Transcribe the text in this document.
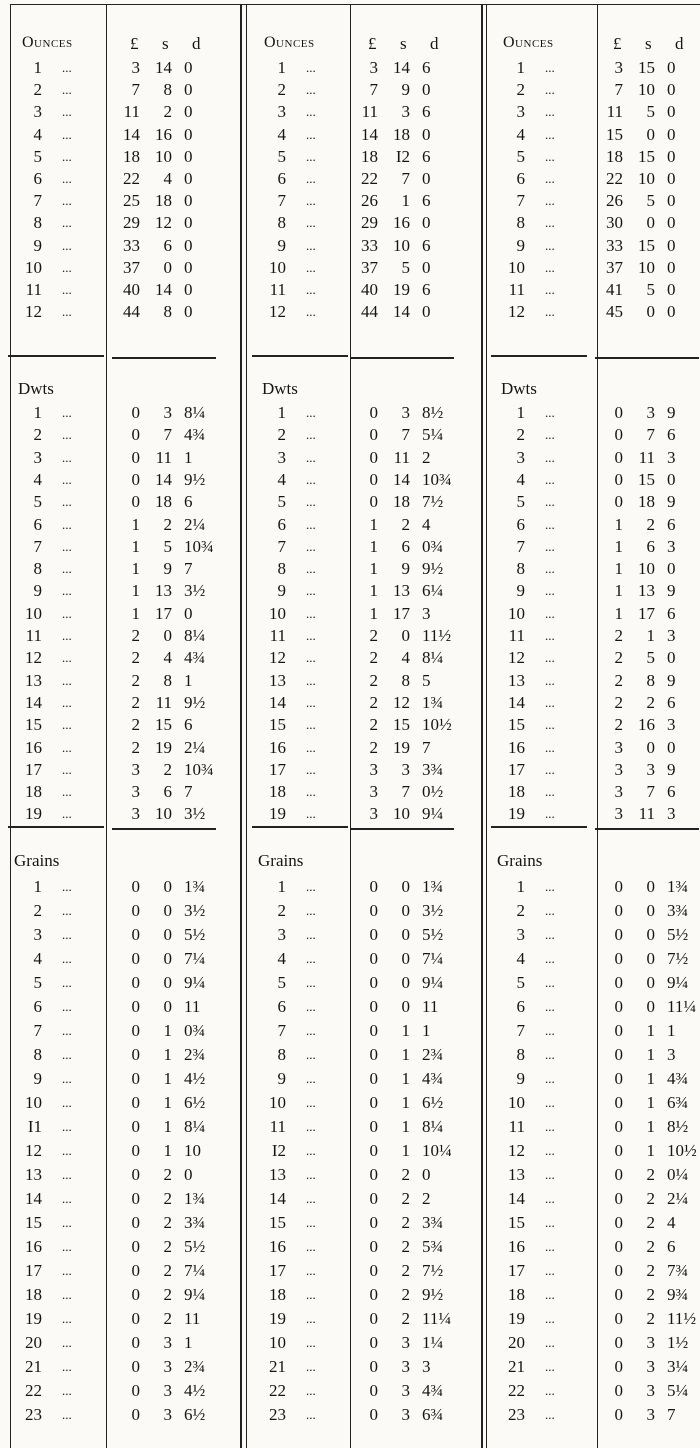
Ounces	£ s d
1 ...	3 14 0
2 ...	7	8 0
3 ...	11	2 0
4 ...	14 16 0
5 ...	18 10 0
6 ...	22	4 0
7 ...	25 18 0
8 ...	29 12 0
9 ...	33	6 0
10 ...	37	0 0
11 ...	40 14 0
12 ...	44	8 0
Dwts
1 ...	0	3 8¼
2 ...	0	7 4¾
3 ...	0 11 1
4 ...	0 14 9½
5 ...	0 18 6
6 ...	1	2 2¼
7 ...	1	5 10¾
8 ...	1	9 7
9 ...	1 13 3½
10 ...	1 17 0
11 ...	2	0 8¼
12 ...	2	4 4¾
13 ...	2	8 1
14 ...	2 11 9½
15 ...	2 15 6
16 ...	2 19 2¼
17 ...	3	2 10¾
18 ...	3	6 7
19 ...	3 10 3½
Grains
1 ...	0	0 1¾
2 ...	0	0 3½
3 ...	0	0 5½
4 ...	0	0 7¼
5 ...	0	0 9¼
6 ...	0	0 11
7 ...	0	1 0¾
8 ...	0	1 2¾
9 ...	0	1 4½
10 ...	0	1 6½
I1 ...	0	1 8¼
12 ...	0	1 10
13 ...	0	2 0
14 ...	0	2 1¾
15 ...	0	2 3¾
16 ...	0	2 5½
17 ...	0	2 7¼
18 ...	0	2 9¼
19 ...	0	2 11
20 ...	0	3 1
21 ...	0	3 2¾
22 ...	0	3 4½
23 ...	0	3 6½
Ounces	£ s d
1 ...	3 14 6
2 ...	7	9 0
3 ...	11	3 6
4 ...	14 18 0
5 ...	18	I2 6
6 ...	22	7 0
7 ...	26	1 6
8 ...	29 16 0
9 ...	33 10 6
10 ...	37	5 0
11 ...	40 19 6
12 ...	44 14 0
Dwts
1 ...	0	3 8½
2 ...	0	7 5¼
3 ...	0 11 2
4 ...	0 14 10¾
5 ...	0 18 7½
6 ...	1	2 4
7 ...	1	6 0¾
8 ...	1	9 9½
9 ...	1 13 6¼
10 ...	1 17 3
11 ...	2	0 11½
12 ...	2	4 8¼
13 ...	2	8 5
14 ...	2 12 1¾
15 ...	2 15 10½
16 ...	2 19 7
17 ...	3	3 3¾
18 ...	3	7 0½
19 ...	3 10 9¼
Grains
1 ...	0	0 1¾
2 ...	0	0 3½
3 ...	0	0 5½
4 ...	0	0 7¼
5 ...	0	0 9¼
6 ...	0	0 11
7 ...	0	1 1
8 ...	0	1 2¾
9 ...	0	1 4¾
10 ...	0	1 6½
11 ...	0	1 8¼
I2 ...	0	1 10¼
13 ...	0	2 0
14 ...	0	2 2
15 ...	0	2 3¾
16 ...	0	2 5¾
17 ...	0	2 7½
18 ...	0	2 9½
19 ...	0	2 11¼
10 ...	0	3 1¼
21 ...	0	3 3
22 ...	0	3 4¾
23 ...	0	3 6¾
Ounces	£ s d
1 ...	3 15 0
2 ...	7 10 0
3 ...	11	5 0
4 ...	15	0 0
5 ...	18 15 0
6 ...	22 10 0
7 ...	26	5 0
8 ...	30	0 0
9 ...	33 15 0
10 ...	37 10 0
11 ...	41	5 0
12 ...	45	0 0
Dwts
1 ...	0	3 9
2 ...	0	7 6
3 ...	0 11 3
4 ...	0 15 0
5 ...	0 18 9
6 ...	1	2 6
7 ...	1	6 3
8 ...	1 10 0
9 ...	1 13 9
10 ...	1 17 6
11 ...	2	1 3
12 ...	2	5 0
13 ...	2	8 9
14 ...	2	2 6
15 ...	2 16 3
16 ...	3	0 0
17 ...	3	3 9
18 ...	3	7 6
19 ...	3 11 3
Grains
1 ...	0	0 1¾
2 ...	0	0 3¾
3 ...	0	0 5½
4 ...	0	0 7½
5 ...	0	0 9¼
6 ...	0	0 11¼
7 ...	0	1 1
8 ...	0	1 3
9 ...	0	1 4¾
10 ...	0	1 6¾
11 ...	0	1 8½
12 ...	0	1 10½
13 ...	0	2 0¼
14 ...	0	2 2¼
15 ...	0	2 4
16 ...	0	2 6
17 ...	0	2 7¾
18 ...	0	2 9¾
19 ...	0	2 11½
20 ...	0	3 1½
21 ...	0	3 3¼
22 ...	0	3 5¼
23 ...	0	3 7
